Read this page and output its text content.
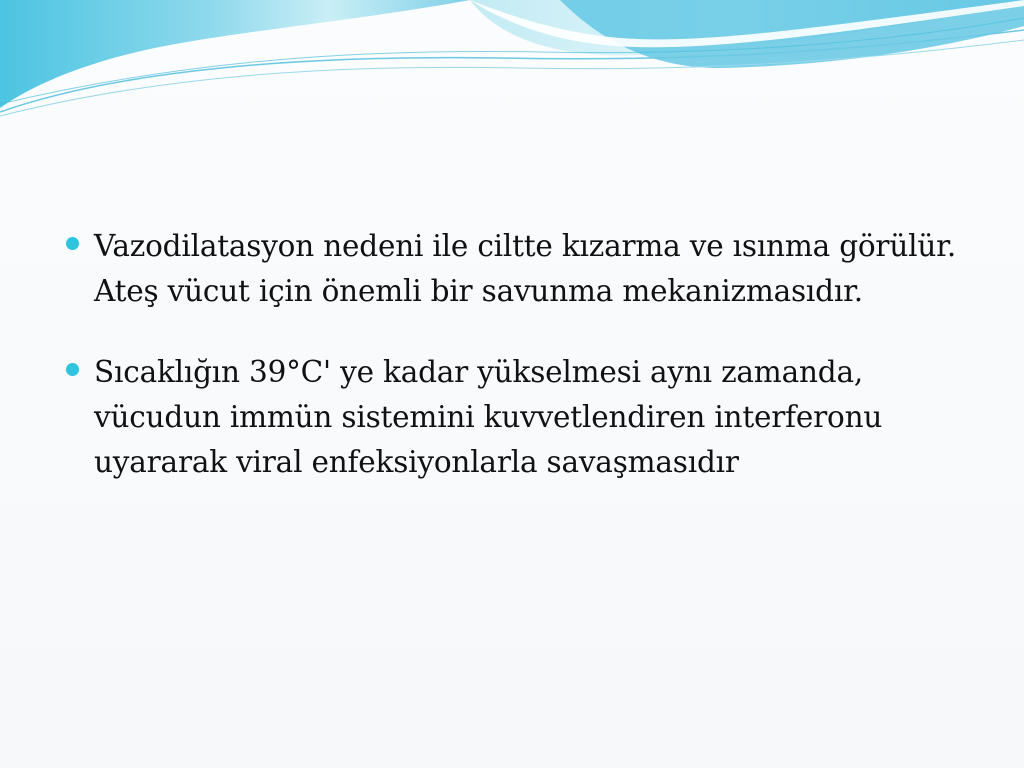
Vazodilatasyon nedeni ile ciltte kızarma ve ısınma görülür. Ateş vücut için önemli bir savunma mekanizmasıdır.
Sıcaklığın 39°C' ye kadar yükselmesi aynı zamanda, vücudun immün sistemini kuvvetlendiren interferonu uyararak viral enfeksiyonlarla savaşmasıdır
